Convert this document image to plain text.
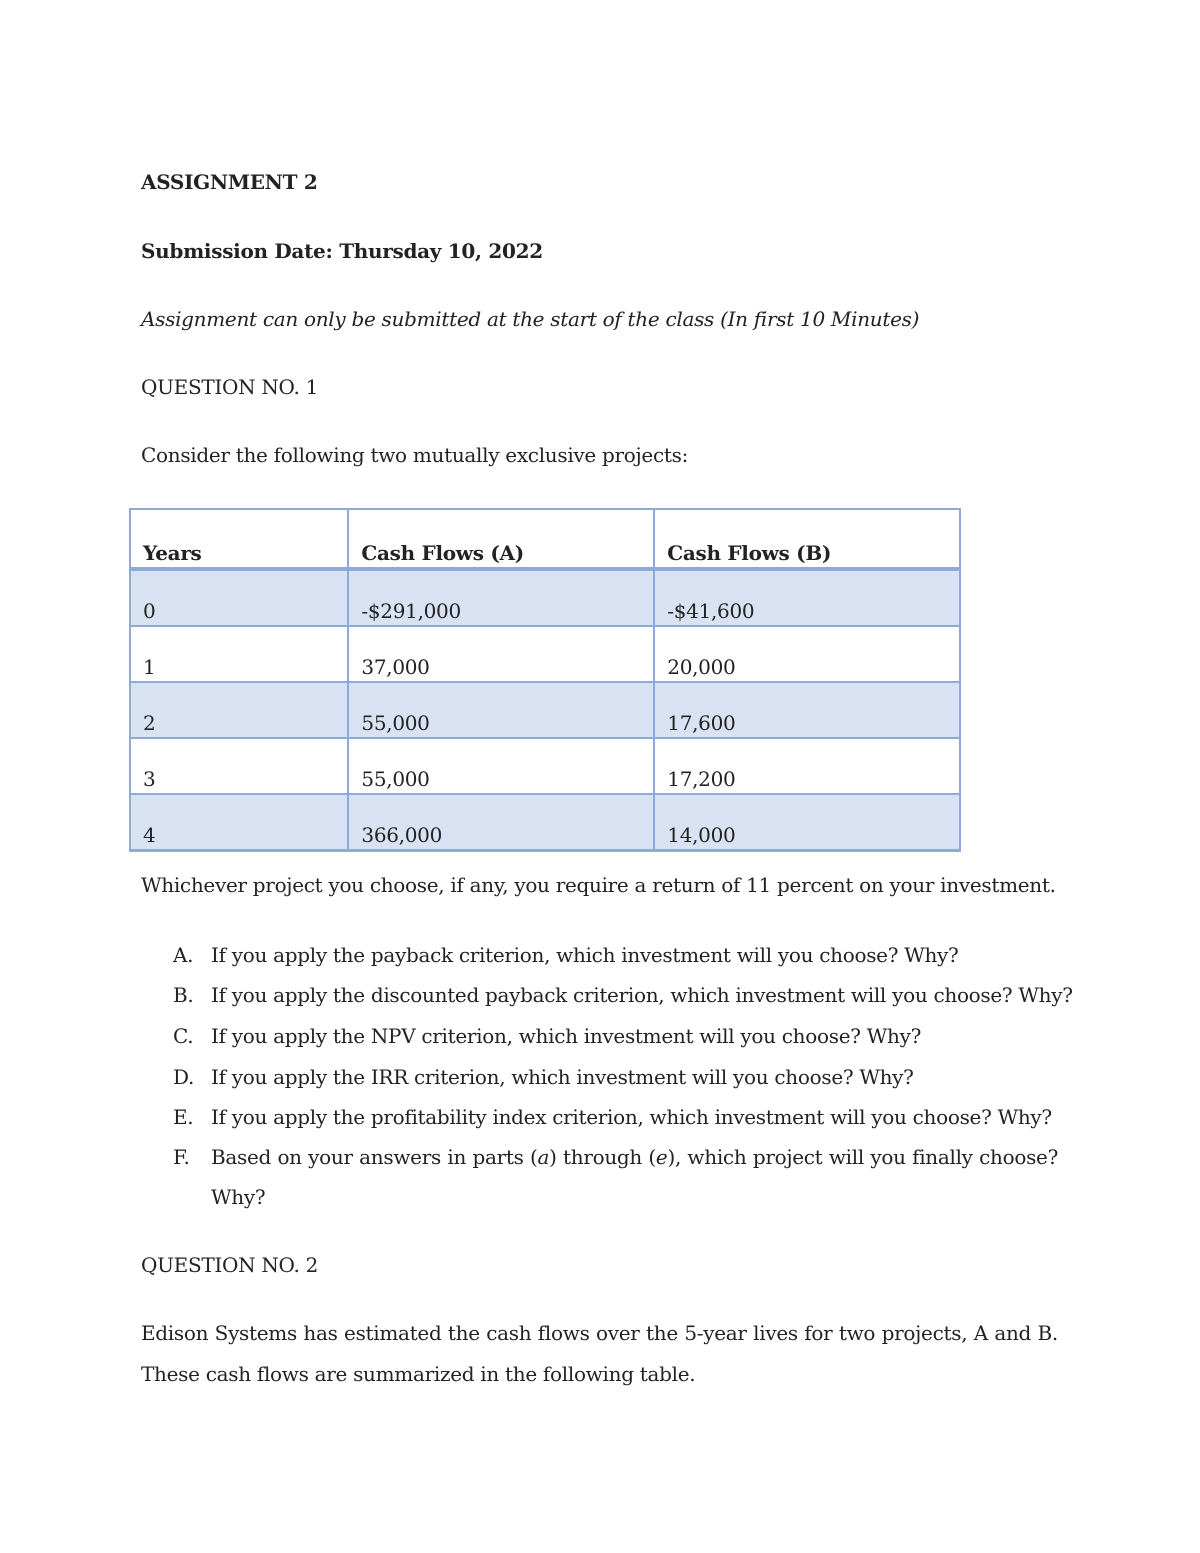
ASSIGNMENT 2
Submission Date: Thursday 10, 2022
Assignment can only be submitted at the start of the class (In first 10 Minutes)
QUESTION NO. 1
Consider the following two mutually exclusive projects:
Years	Cash Flows (A)	Cash Flows (B)
0	-$291,000	-$41,600
1	37,000	20,000
2	55,000	17,600
3	55,000	17,200
4	366,000	14,000
Whichever project you choose, if any, you require a return of 11 percent on your investment.
A. If you apply the payback criterion, which investment will you choose? Why?
B. If you apply the discounted payback criterion, which investment will you choose? Why?
C. If you apply the NPV criterion, which investment will you choose? Why?
D. If you apply the IRR criterion, which investment will you choose? Why?
E. If you apply the profitability index criterion, which investment will you choose? Why?
F.	Based on your answers in parts (a) through (e), which project will you finally choose?
Why?
QUESTION NO. 2
Edison Systems has estimated the cash flows over the 5-year lives for two projects, A and B.
These cash flows are summarized in the following table.
